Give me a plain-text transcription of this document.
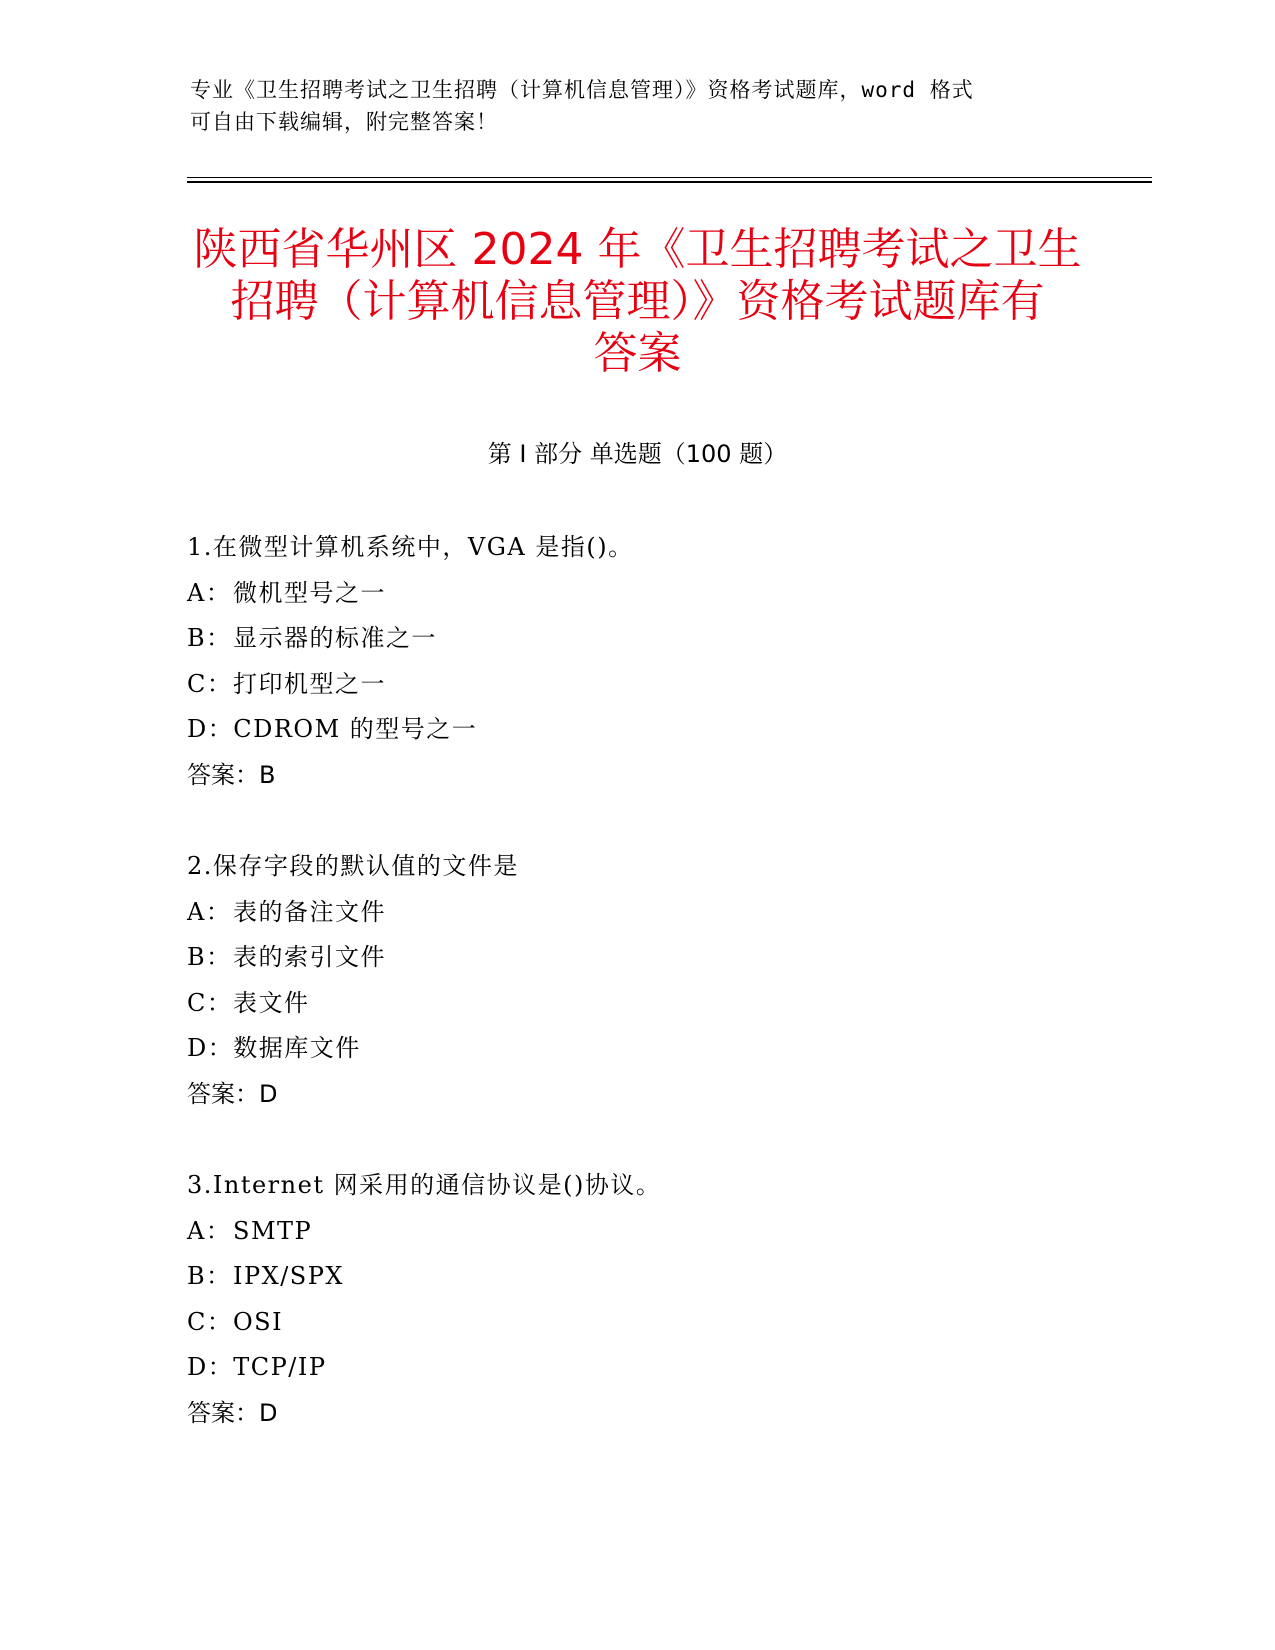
专业《卫生招聘考试之卫生招聘（计算机信息管理）》资格考试题库，word 格式
可自由下载编辑，附完整答案！
陕西省华州区 2024 年《卫生招聘考试之卫生
招聘（计算机信息管理）》资格考试题库有
答案
第 I 部分 单选题（100 题）
1.在微型计算机系统中，VGA 是指()。
A：微机型号之一
B：显示器的标准之一
C：打印机型之一
D：CDROM 的型号之一
答案：B
2.保存字段的默认值的文件是
A：表的备注文件
B：表的索引文件
C：表文件
D：数据库文件
答案：D
3.Internet 网采用的通信协议是()协议。
A：SMTP
B：IPX/SPX
C：OSI
D：TCP/IP
答案：D
